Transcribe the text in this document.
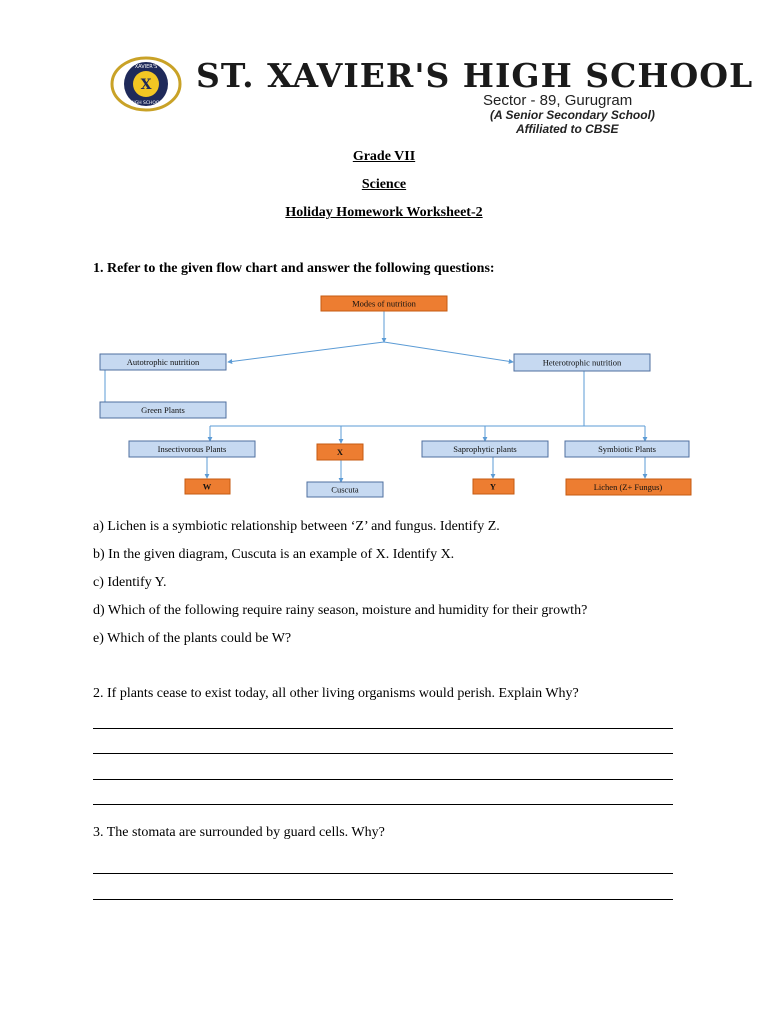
X
XAVIER'S
HIGH SCHOOL
ST. XAVIER'S HIGH SCHOOL
Sector - 89, Gurugram
(A Senior Secondary School)
Affiliated to CBSE
Grade VII
Science
Holiday Homework Worksheet-2
1. Refer to the given flow chart and answer the following questions:
Modes of nutrition
Autotrophic nutrition	Heterotrophic nutrition
Green Plants
Insectivorous Plants	X	Saprophytic plants	Symbiotic Plants
W	Cuscuta	Y	Lichen (Z+ Fungus)
a) Lichen is a symbiotic relationship between ‘Z’ and fungus. Identify Z.
b) In the given diagram, Cuscuta is an example of X. Identify X.
c) Identify Y.
d) Which of the following require rainy season, moisture and humidity for their growth?
e) Which of the plants could be W?
2. If plants cease to exist today, all other living organisms would perish. Explain Why?
3. The stomata are surrounded by guard cells. Why?
